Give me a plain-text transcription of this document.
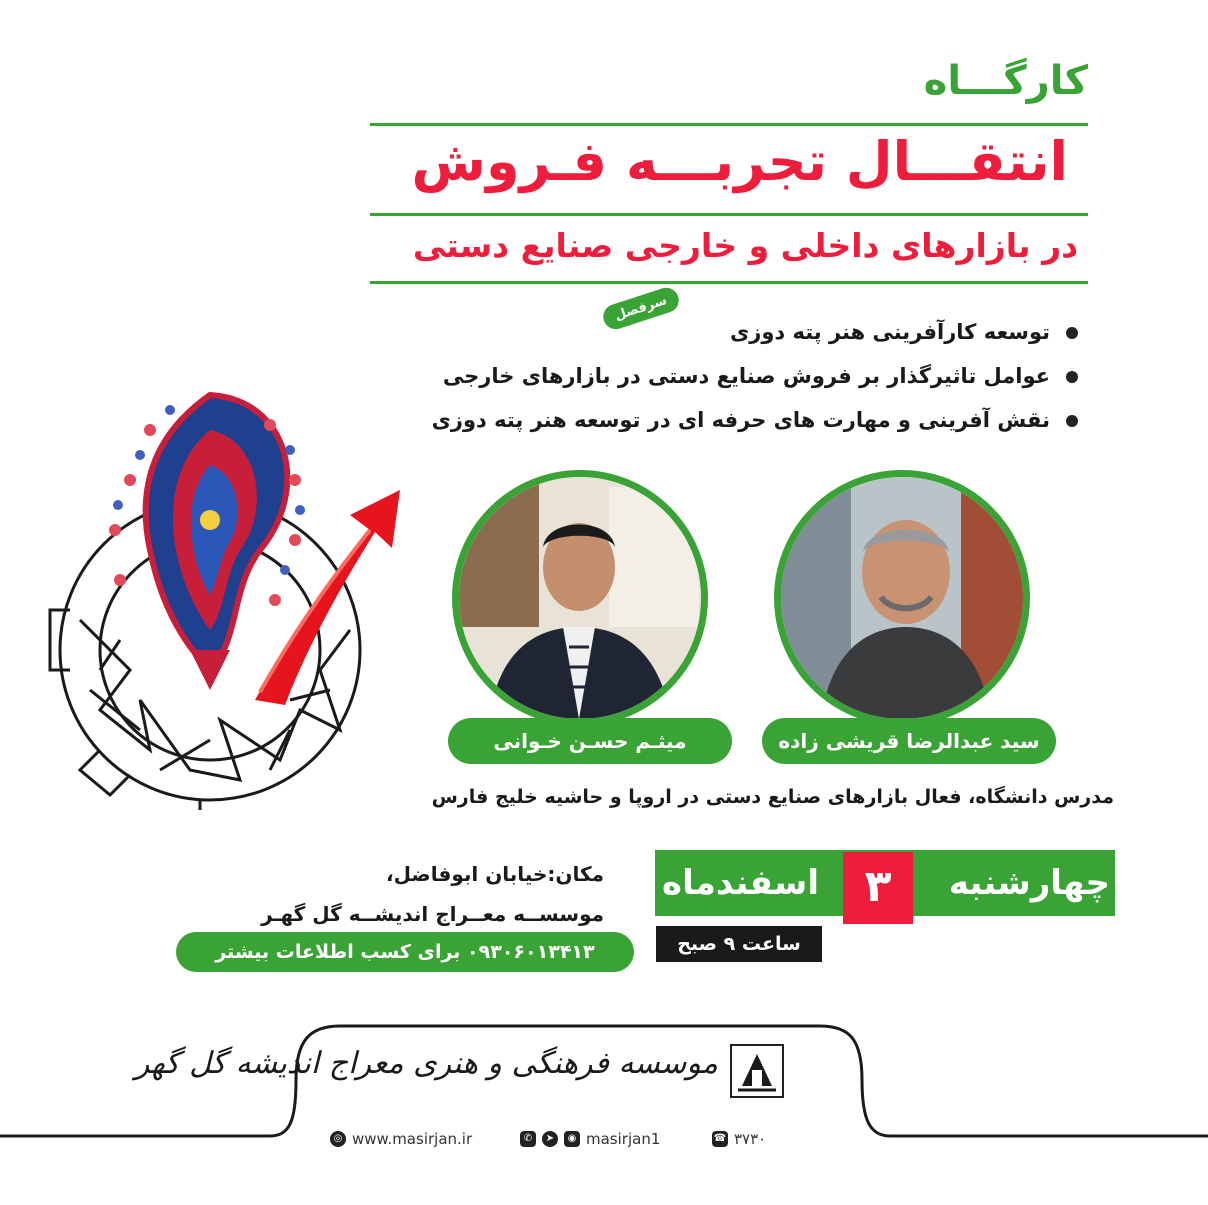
کارگـــاه
انتقـــال تجربـــه فـروش
در بازارهای داخلی و خارجی صنایع دستی
سرفصل
توسعه کارآفرینی هنر پته دوزی
عوامل تاثیرگذار بر فروش صنایع دستی در بازارهای خارجی
نقش آفرینی و مهارت های حرفه ای در توسعه هنر پته دوزی
میثـم حسـن خـوانی	سید عبدالرضا قریشی زاده
مدرس دانشگاه، فعال بازارهای صنایع دستی در اروپا و حاشیه خلیج فارس
مکان:خیابان ابوفاضل،
موسســه معــراج اندیشــه گل گهـر
۰۹۳۰۶۰۱۳۴۱۳ برای کسب اطلاعات بیشتر
چهارشنبه
۳
اسفندماه
ساعت ۹ صبح
موسسه فرهنگی و هنری معراج اندیشه گل گهر
◎ www.masirjan.ir	✆	➤	◉ masirjan1	☎ ۳۷۳۰
